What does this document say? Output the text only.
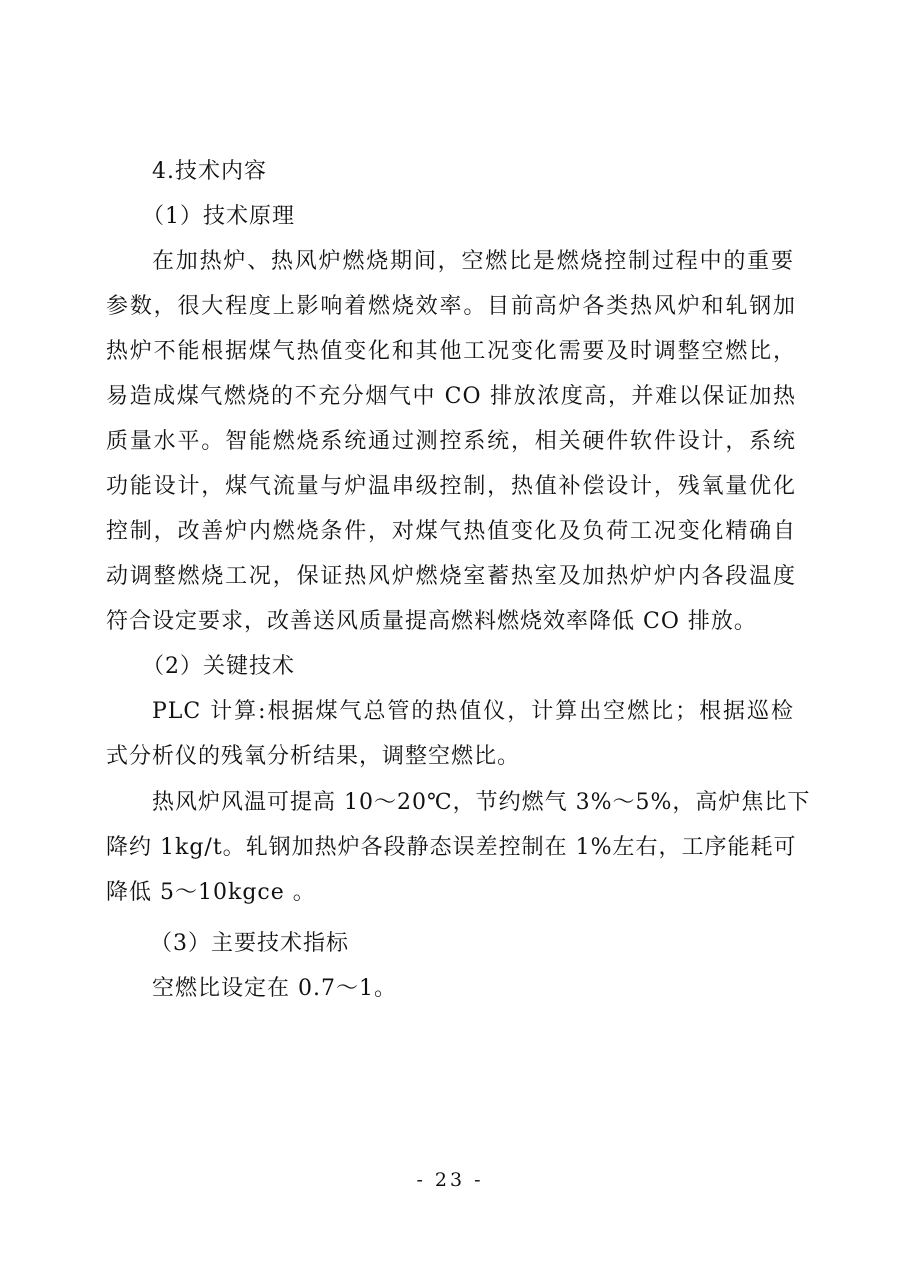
4.技术内容
（1）技术原理
在加热炉、热风炉燃烧期间，空燃比是燃烧控制过程中的重要
参数，很大程度上影响着燃烧效率。目前高炉各类热风炉和轧钢加
热炉不能根据煤气热值变化和其他工况变化需要及时调整空燃比，
易造成煤气燃烧的不充分烟气中 CO 排放浓度高，并难以保证加热
质量水平。智能燃烧系统通过测控系统，相关硬件软件设计，系统
功能设计，煤气流量与炉温串级控制，热值补偿设计，残氧量优化
控制，改善炉内燃烧条件，对煤气热值变化及负荷工况变化精确自
动调整燃烧工况，保证热风炉燃烧室蓄热室及加热炉炉内各段温度
符合设定要求，改善送风质量提高燃料燃烧效率降低 CO 排放。
（2）关键技术
PLC 计算:根据煤气总管的热值仪，计算出空燃比；根据巡检
式分析仪的残氧分析结果，调整空燃比。
热风炉风温可提高 10～20℃，节约燃气 3%～5%，高炉焦比下
降约 1kg/t。轧钢加热炉各段静态误差控制在 1%左右，工序能耗可
降低 5～10kgce 。
（3）主要技术指标
空燃比设定在 0.7～1。
- 23 -
